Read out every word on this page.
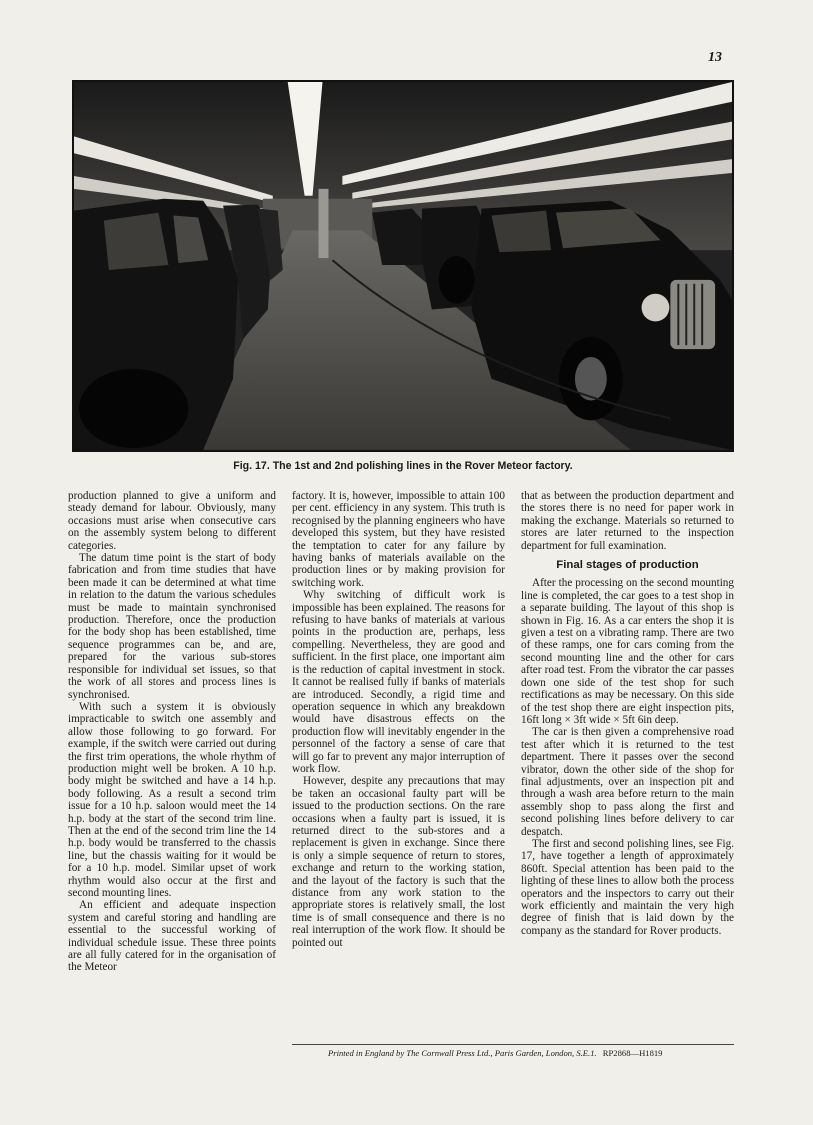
13
Fig. 17. The 1st and 2nd polishing lines in the Rover Meteor factory.

production planned to give a uniform and steady demand for labour. Obviously, many occasions must arise when consecutive cars on the assembly system belong to different categories.

The datum time point is the start of body fabrication and from time studies that have been made it can be determined at what time in relation to the datum the various schedules must be made to maintain synchronised production. Therefore, once the production for the body shop has been established, time sequence programmes can be, and are, prepared for the various sub-stores responsible for individual set issues, so that the work of all stores and process lines is synchronised.

With such a system it is obviously impracticable to switch one assembly and allow those following to go forward. For example, if the switch were carried out during the first trim operations, the whole rhythm of production might well be broken. A 10 h.p. body might be switched and have a 14 h.p. body following. As a result a second trim issue for a 10 h.p. saloon would meet the 14 h.p. body at the start of the second trim line. Then at the end of the second trim line the 14 h.p. body would be transferred to the chassis line, but the chassis waiting for it would be for a 10 h.p. model. Similar upset of work rhythm would also occur at the first and second mounting lines.

An efficient and adequate inspection system and careful storing and handling are essential to the successful working of individual schedule issue. These three points are all fully catered for in the organisation of the Meteor

factory. It is, however, impossible to attain 100 per cent. efficiency in any system. This truth is recognised by the planning engineers who have developed this system, but they have resisted the temptation to cater for any failure by having banks of materials available on the production lines or by making provision for switching work.

Why switching of difficult work is impossible has been explained. The reasons for refusing to have banks of materials at various points in the production are, perhaps, less compelling. Nevertheless, they are good and sufficient. In the first place, one important aim is the reduction of capital investment in stock. It cannot be realised fully if banks of materials are introduced. Secondly, a rigid time and operation sequence in which any breakdown would have disastrous effects on the production flow will inevitably engender in the personnel of the factory a sense of care that will go far to prevent any major interruption of work flow.

However, despite any precautions that may be taken an occasional faulty part will be issued to the production sections. On the rare occasions when a faulty part is issued, it is returned direct to the sub-stores and a replacement is given in exchange. Since there is only a simple sequence of return to stores, exchange and return to the working station, and the layout of the factory is such that the distance from any work station to the appropriate stores is relatively small, the lost time is of small consequence and there is no real interruption of the work flow. It should be pointed out

that as between the production department and the stores there is no need for paper work in making the exchange. Materials so returned to stores are later returned to the inspection department for full examination.

Final stages of production

After the processing on the second mounting line is completed, the car goes to a test shop in a separate building. The layout of this shop is shown in Fig. 16. As a car enters the shop it is given a test on a vibrating ramp. There are two of these ramps, one for cars coming from the second mounting line and the other for cars after road test. From the vibrator the car passes down one side of the test shop for such rectifications as may be necessary. On this side of the test shop there are eight inspection pits, 16ft long × 3ft wide × 5ft 6in deep.

The car is then given a comprehensive road test after which it is returned to the test department. There it passes over the second vibrator, down the other side of the shop for final adjustments, over an inspection pit and through a wash area before return to the main assembly shop to pass along the first and second polishing lines before delivery to car despatch.

The first and second polishing lines, see Fig. 17, have together a length of approximately 860ft. Special attention has been paid to the lighting of these lines to allow both the process operators and the inspectors to carry out their work efficiently and maintain the very high degree of finish that is laid down by the company as the standard for Rover products.

Printed in England by The Cornwall Press Ltd., Paris Garden, London, S.E.1. RP2868—H1819
